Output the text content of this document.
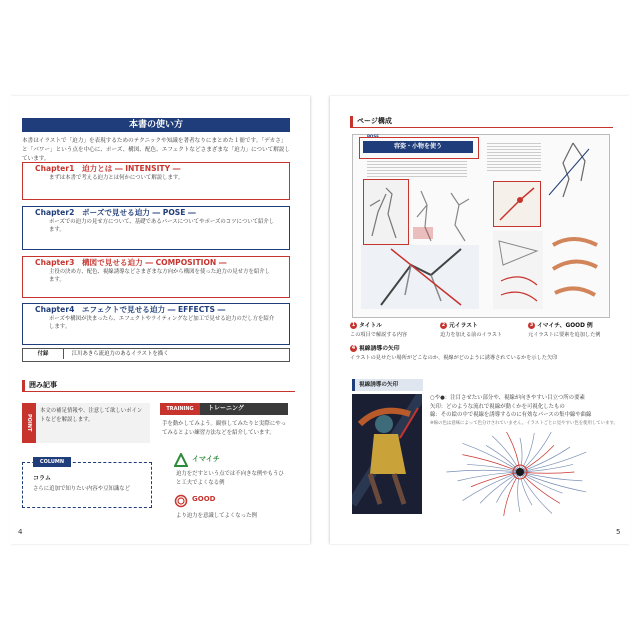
本書の使い方
本書はイラストで「迫力」を表現するためのテクニックや知識を著者なりにまとめた１冊です。「デカさ」と「パワー」という点を中心に、ポーズ、構図、配色、エフェクトなどさまざまな「迫力」について解説しています。
Chapter1　迫力とは ― INTENSITY ―
まずは本書で考える迫力とは何かについて解説します。
Chapter2　ポーズで見せる迫力 ― POSE ―
ポーズでの迫力の見せ方について、基礎であるパースについてやポーズのコツについて紹介します。
Chapter3　構図で見せる迫力 ― COMPOSITION ―
主役の決め方、配色、視線誘導などさまざまな方向から構図を使った迫力の見せ方を紹介します。
Chapter4　エフェクトで見せる迫力 ― EFFECTS ―
ポーズや構図が決まったら、エフェクトやライティングなど加工で見せる迫力のだし方を紹介します。
付録	江川あきら流迫力のあるイラストを描く
囲み記事
POINT
本文の補足情報や、注意して欲しいポイントなどを解説します。
TRAINING	トレーニング
手を動かしてみよう。観察してみたりと実際にやってみるとよい練習方法などを紹介しています。
COLUMN
コラム
さらに追加で知りたい内容や豆知識など
イマイチ
迫力をだすという点では不向きな例やもうひと工夫でよくなる例
GOOD
より迫力を意識してよくなった例
4
ページ構成
POSE
容姿・小物を使う
1 タイトル
この項目で解説する内容
2 元イラスト
迫力を加える前のイラスト
3 イマイチ、GOOD 例
元イラストに要素を追加した例
4 視線誘導の矢印
イラストの見せたい場所がどこなのか、視線がどのように誘導されているかを示した矢印
視線誘導の矢印
○や●：注目させたい部分や、視線が向きやすい目立つ所の要素
矢印：どのような流れで視線が動くかを可視化したもの
線：その絵の中で視線を誘導するのに有効なパースの集中線や曲線
※線の色は意味によって色分けされていません。イラストごとに見やすい色を使用しています。
5
